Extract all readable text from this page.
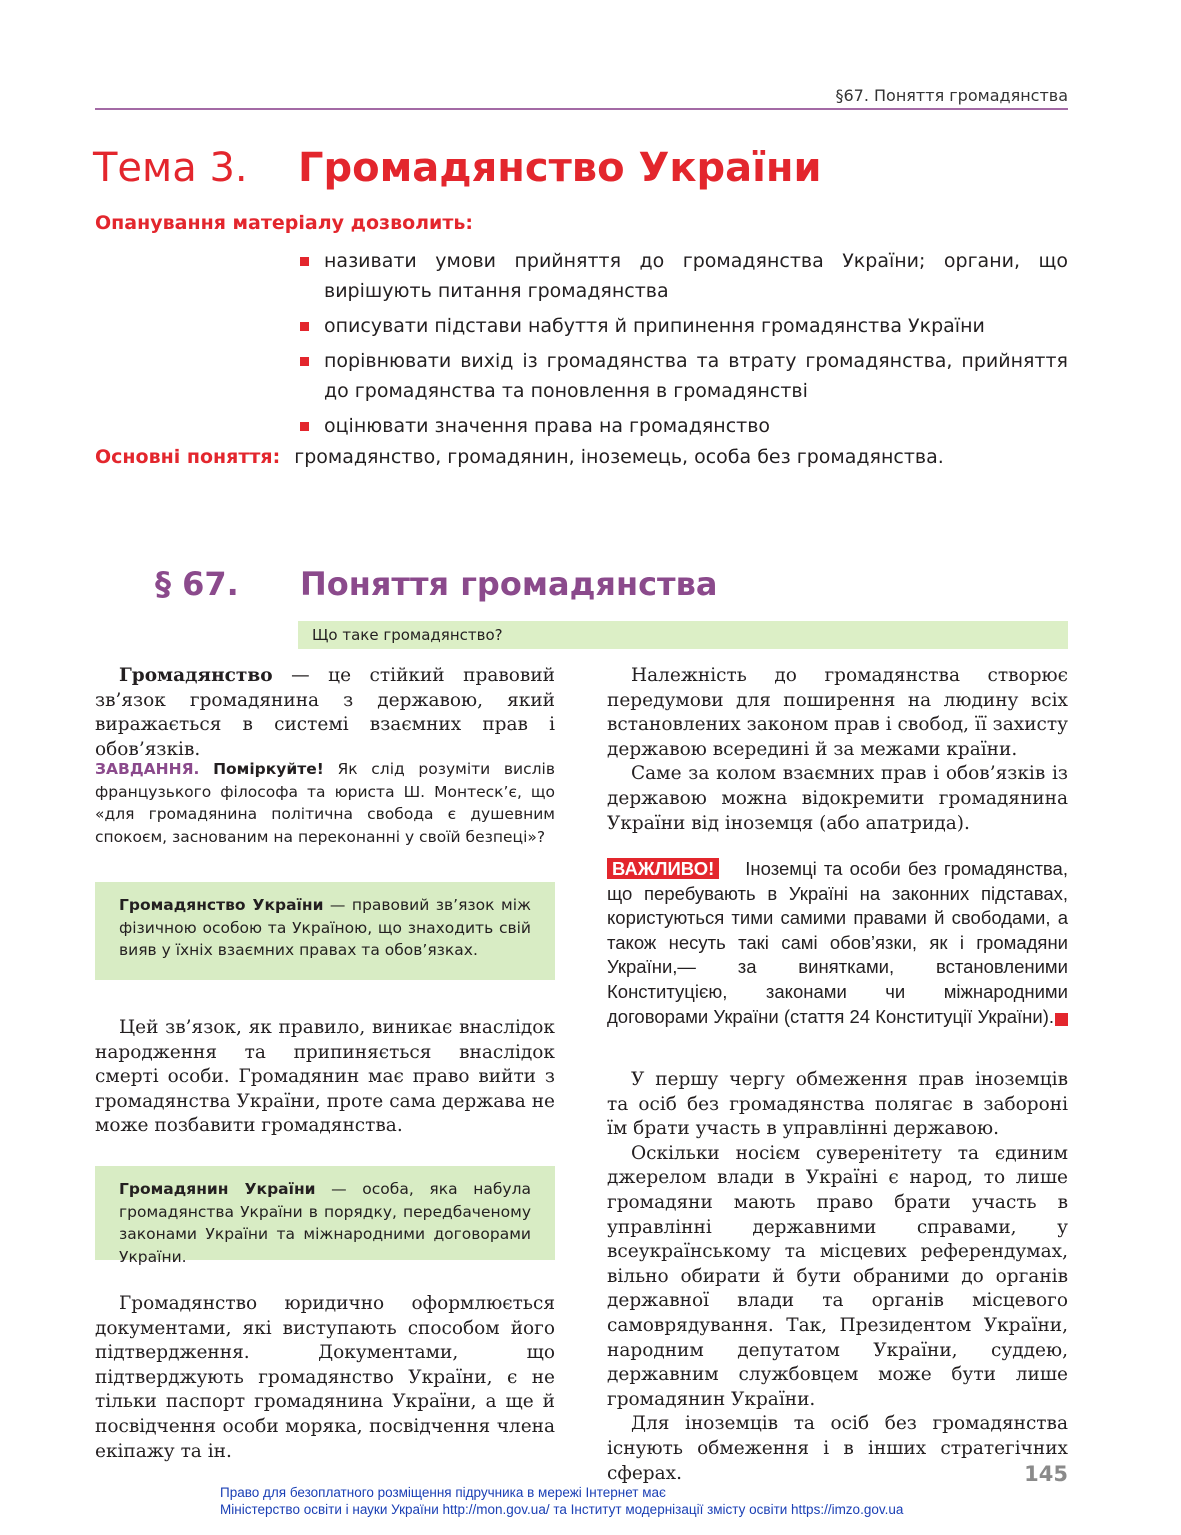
§67. Поняття громадянства
Тема 3. Громадянство України
Опанування матеріалу дозволить:
називати умови прийняття до громадянства України; органи, що вирішують питання громадянства
описувати підстави набуття й припинення громадянства України
порівнювати вихід із громадянства та втрату громадянства, прийняття до громадянства та поновлення в громадянстві
оцінювати значення права на громадянство
Основні поняття: громадянство, громадянин, іноземець, особа без громадянства.
§ 67. Поняття громадянства
Що таке громадянство?

Громадянство — це стійкий правовий зв’язок громадянина з державою, який виражається в системі взаємних прав і обов’язків.

ЗАВДАННЯ. Поміркуйте! Як слід розуміти вислів французького філософа та юриста Ш. Монтеск’є, що «для громадянина політична свобода є душевним спокоєм, заснованим на переконанні у своїй безпеці»?
Громадянство України — правовий зв’язок між фізичною особою та Україною, що знаходить свій вияв у їхніх взаємних правах та обов’язках.

Цей зв’язок, як правило, виникає внаслідок народження та припиняється внаслідок смерті особи. Громадянин має право вийти з громадянства України, проте сама держава не може позбавити громадянства.

Громадянин України — особа, яка набула громадянства України в порядку, передбаченому законами України та міжнародними договорами України.

Громадянство юридично оформлюється документами, які виступають способом його підтвердження. Документами, що підтверджують громадянство України, є не тільки паспорт громадянина України, а ще й посвідчення особи моряка, посвідчення члена екіпажу та ін.

Належність до громадянства створює передумови для поширення на людину всіх встановлених законом прав і свобод, її захисту державою всередині й за межами країни.

Саме за колом взаємних прав і обов’язків із державою можна відокремити громадянина України від іноземця (або апатрида).

ВАЖЛИВО! Іноземці та особи без громадянства, що перебувають в Україні на законних підставах, користуються тими самими правами й свободами, а також несуть такі самі обов’язки, як і громадяни України,— за винятками, встановленими Конституцією, законами чи міжнародними договорами України (стаття 24 Конституції України).

У першу чергу обмеження прав іноземців та осіб без громадянства полягає в забороні їм брати участь в управлінні державою.

Оскільки носієм суверенітету та єдиним джерелом влади в Україні є народ, то лише громадяни мають право брати участь в управлінні державними справами, у всеукраїнському та місцевих референдумах, вільно обирати й бути обраними до органів державної влади та органів місцевого самоврядування. Так, Президентом України, народним депутатом України, суддею, державним службовцем може бути лише громадянин України.

Для іноземців та осіб без громадянства існують обмеження і в інших стратегічних сферах.	145
Право для безоплатного розміщення підручника в мережі Інтернет має
Міністерство освіти і науки України http://mon.gov.ua/ та Інститут модернізації змісту освіти https://imzo.gov.ua
